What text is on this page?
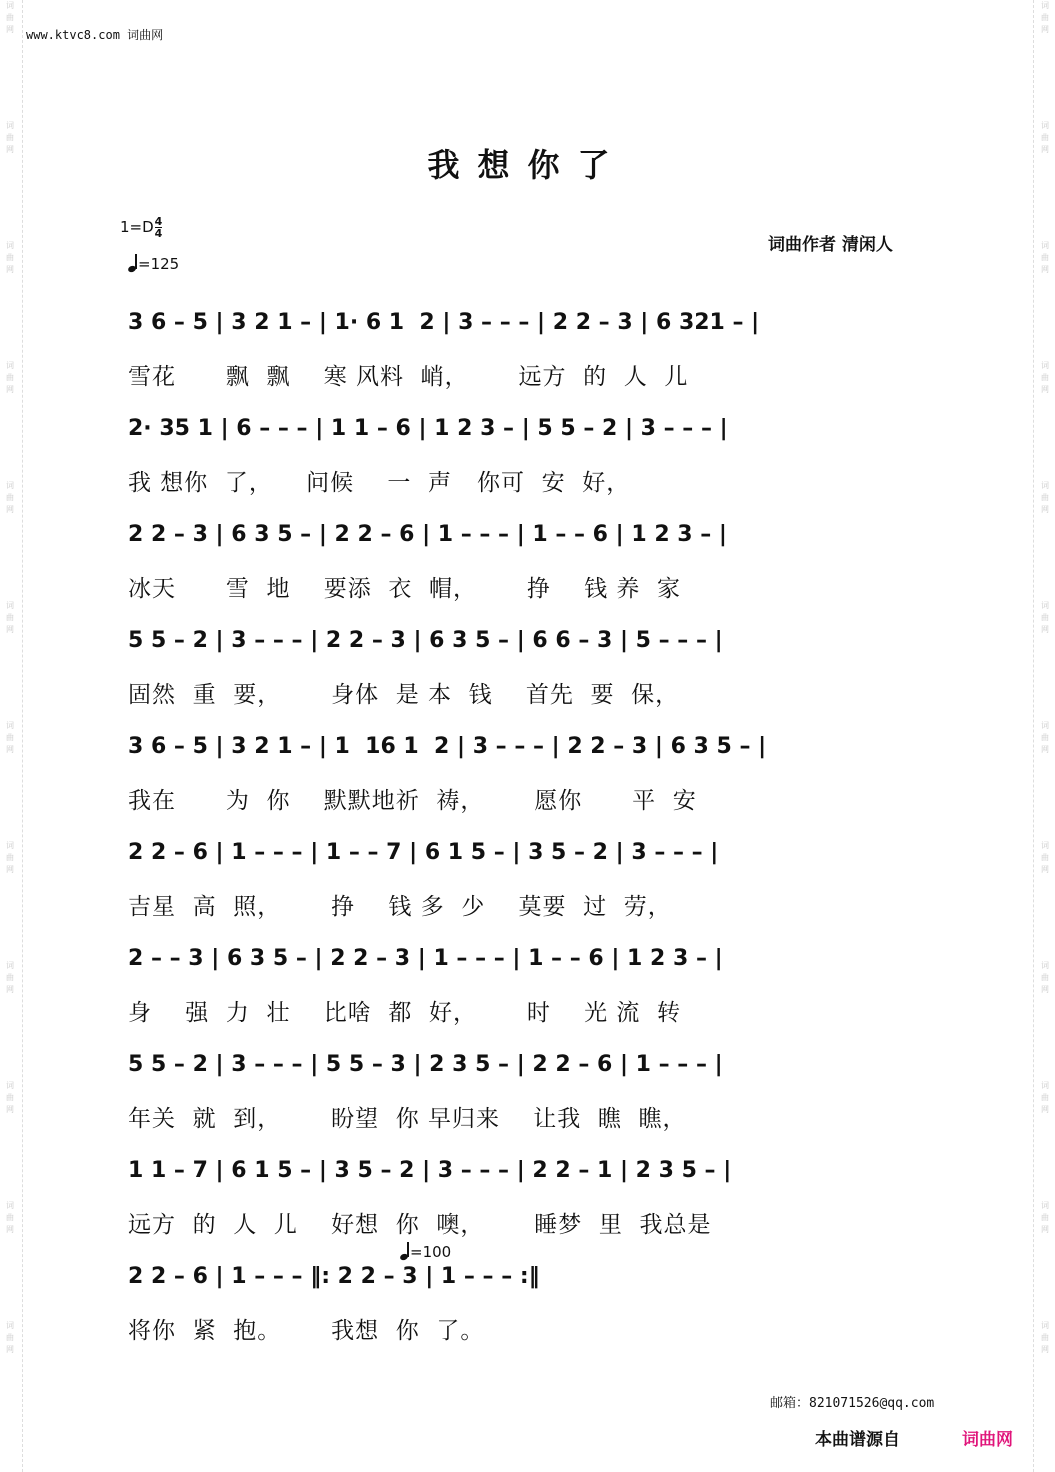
词
曲
网
词
曲
网
词
曲
网
词
曲
网
词
曲
网
词
曲
网
词
曲
网
词
曲
网
词
曲
网
词
曲
网
词
曲
网
词
曲
网
词
曲
网
词
曲
网
词
曲
网
词
曲
网
词
曲
网
词
曲
网
词
曲
网
词
曲
网
词
曲
网
词
曲
网
词
曲
网
词
曲
网
www.ktvc8.com 词曲网
我想你了
$1=D \frac{4}{4}$
=125
词曲作者 清闲人
3 6 – 5 | 3 2 1 – | 1· 6 1  2 | 3 – – – | 2 2 – 3 | 6 321 – |
雪花      飘  飘    寒 风料  峭，      远方  的  人  儿
2· 35 1 | 6 – – – | 1 1 – 6 | 1 2 3 – | 5 5 – 2 | 3 – – – |
我 想你  了，    问候    一  声   你可  安  好，
2 2 – 3 | 6 3 5 – | 2 2 – 6 | 1 – – – | 1 – – 6 | 1 2 3 – |
冰天      雪  地    要添  衣  帽，      挣    钱 养  家
5 5 – 2 | 3 – – – | 2 2 – 3 | 6 3 5 – | 6 6 – 3 | 5 – – – |
固然  重  要，      身体  是 本  钱    首先  要  保，
3 6 – 5 | 3 2 1 – | 1  16 1  2 | 3 – – – | 2 2 – 3 | 6 3 5 – |
我在      为  你    默默地祈  祷，      愿你      平  安
2 2 – 6 | 1 – – – | 1 – – 7 | 6 1 5 – | 3 5 – 2 | 3 – – – |
吉星  高  照，      挣    钱 多  少    莫要  过  劳，
2 – – 3 | 6 3 5 – | 2 2 – 3 | 1 – – – | 1 – – 6 | 1 2 3 – |
身    强  力  壮    比啥  都  好，      时    光 流  转
5 5 – 2 | 3 – – – | 5 5 – 3 | 2 3 5 – | 2 2 – 6 | 1 – – – |
年关  就  到，      盼望  你 早归来    让我  瞧  瞧，
1 1 – 7 | 6 1 5 – | 3 5 – 2 | 3 – – – | 2 2 – 1 | 2 3 5 – |
远方  的  人  儿    好想  你  噢，      睡梦  里  我总是
=100
2 2 – 6 | 1 – – – ‖: 2 2 – 3 | 1 – – – :‖
将你  紧  抱。      我想  你  了。
邮箱：821071526@qq.com
本曲谱源自	词曲网
